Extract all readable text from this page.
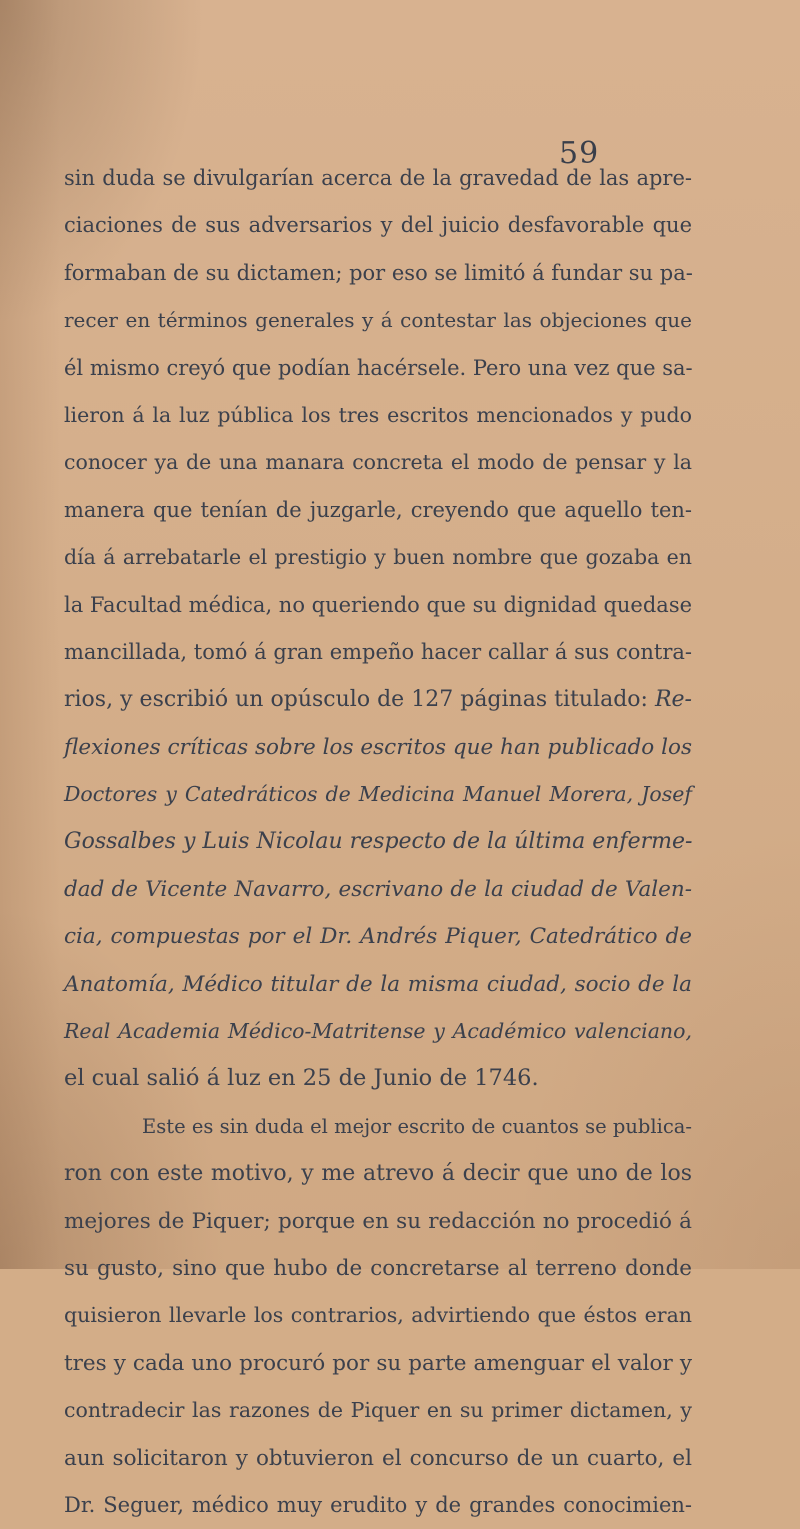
59
sin duda se divulgarían acerca de la gravedad de las apre-
ciaciones de sus adversarios y del juicio desfavorable que
formaban de su dictamen; por eso se limitó á fundar su pa-
recer en términos generales y á contestar las objeciones que
él mismo creyó que podían hacérsele. Pero una vez que sa-
lieron á la luz pública los tres escritos mencionados y pudo
conocer ya de una manara concreta el modo de pensar y la
manera que tenían de juzgarle, creyendo que aquello ten-
día á arrebatarle el prestigio y buen nombre que gozaba en
la Facultad médica, no queriendo que su dignidad quedase
mancillada, tomó á gran empeño hacer callar á sus contra-
rios, y escribió un opúsculo de 127 páginas titulado: Re-
flexiones críticas sobre los escritos que han publicado los
Doctores y Catedráticos de Medicina Manuel Morera, Josef
Gossalbes y Luis Nicolau respecto de la última enferme-
dad de Vicente Navarro, escrivano de la ciudad de Valen-
cia, compuestas por el Dr. Andrés Piquer, Catedrático de
Anatomía, Médico titular de la misma ciudad, socio de la
Real Academia Médico-Matritense y Académico valenciano,
el cual salió á luz en 25 de Junio de 1746.
Este es sin duda el mejor escrito de cuantos se publica-
ron con este motivo, y me atrevo á decir que uno de los
mejores de Piquer; porque en su redacción no procedió á
su gusto, sino que hubo de concretarse al terreno donde
quisieron llevarle los contrarios, advirtiendo que éstos eran
tres y cada uno procuró por su parte amenguar el valor y
contradecir las razones de Piquer en su primer dictamen, y
aun solicitaron y obtuvieron el concurso de un cuarto, el
Dr. Seguer, médico muy erudito y de grandes conocimien-
